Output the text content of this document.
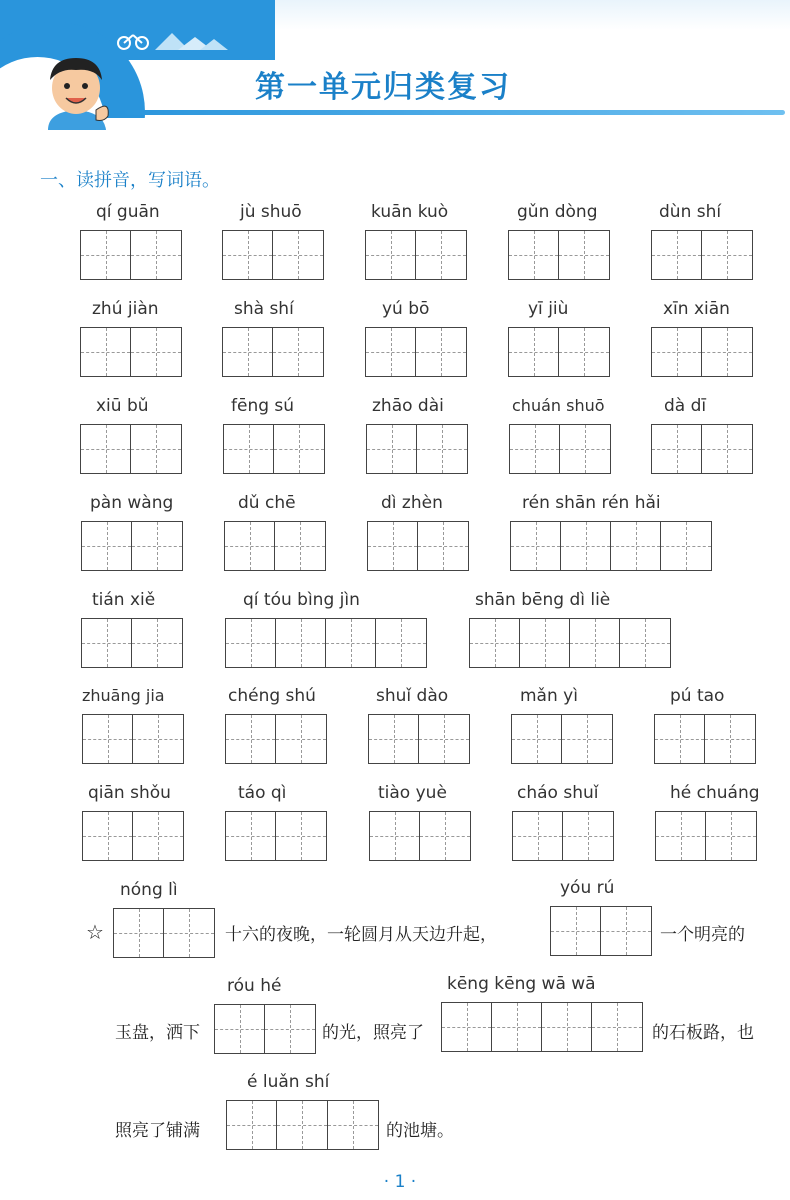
第一单元归类复习
一、读拼音，写词语。
qí guān	jù shuō	kuān kuò	gǔn dòng	dùn shí
zhú jiàn	shà shí	yú bō	yī jiù	xīn xiān
xiū bǔ	fēng sú	zhāo dài	chuán shuō	dà dī
pàn wàng	dǔ chē	dì zhèn	rén shān rén hǎi
tián xiě	qí tóu bìng jìn	shān bēng dì liè
zhuāng jia	chéng shú	shuǐ dào	mǎn yì	pú tao
qiān shǒu	táo qì	tiào yuè	cháo shuǐ	hé chuáng
☆
nóng lì
十六的夜晚，一轮圆月从天边升起，
yóu rú
一个明亮的
玉盘，洒下
róu hé
的光，照亮了
kēng kēng wā wā
的石板路，也
照亮了铺满
é luǎn shí
的池塘。
· 1 ·
